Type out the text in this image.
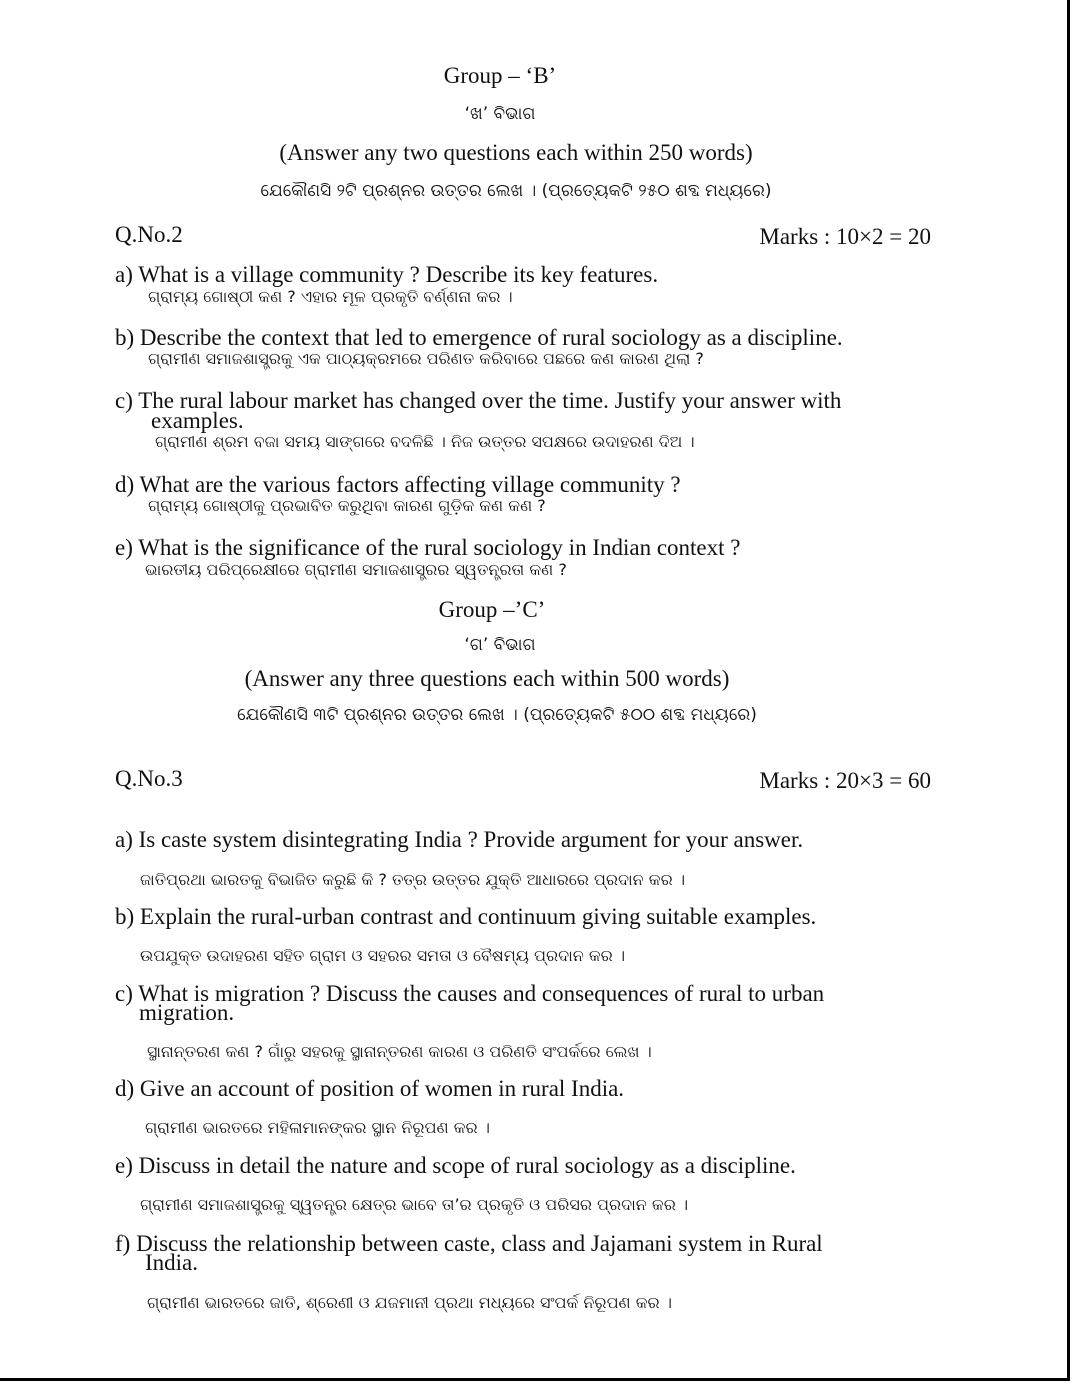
Group – ‘B’
‘ଖ’ ବିଭାଗ
(Answer any two questions each within 250 words)
ଯେକୌଣସି ୨ଟି ପ୍ରଶ୍ନର ଉତ୍ତର ଲେଖ । (ପ୍ରତ୍ୟେକଟି ୨୫୦ ଶବ୍ଦ ମଧ୍ୟରେ)
Q.No.2	Marks : 10×2 = 20
a) What is a village community ? Describe its key features.
ଗ୍ରାମ୍ୟ ଗୋଷ୍ଠୀ କଣ ? ଏହାର ମୂଳ ପ୍ରକୃତି ବର୍ଣ୍ଣନା କର ।
b) Describe the context that led to emergence of rural sociology as a discipline.
ଗ୍ରାମୀଣ ସମାଜଶାସ୍ତ୍ରକୁ ଏକ ପାଠ୍ୟକ୍ରମରେ ପରିଣତ କରିବାରେ ପଛରେ କଣ କାରଣ ଥିଲା ?
c) The rural labour market has changed over the time. Justify your answer with
examples.
ଗ୍ରାମୀଣ ଶ୍ରମ ବଜା ସମୟ ସାଙ୍ଗରେ ବଦଳିଛି । ନିଜ ଉତ୍ତର ସପକ୍ଷରେ ଉଦାହରଣ ଦିଅ ।
d) What are the various factors affecting village community ?
ଗ୍ରାମ୍ୟ ଗୋଷ୍ଠୀକୁ ପ୍ରଭାବିତ କରୁଥିବା କାରଣ ଗୁଡ଼ିକ କଣ କଣ ?
e) What is the significance of the rural sociology in Indian context ?
ଭାରତୀୟ ପରିପ୍ରେକ୍ଷୀରେ ଗ୍ରାମୀଣ ସମାଜଶାସ୍ତ୍ରର ସ୍ୱତନ୍ତ୍ରତା କଣ ?
Group –’C’
‘ଗ’ ବିଭାଗ
(Answer any three questions each within 500 words)
ଯେକୌଣସି ୩ଟି ପ୍ରଶ୍ନର ଉତ୍ତର ଲେଖ । (ପ୍ରତ୍ୟେକଟି ୫୦୦ ଶବ୍ଦ ମଧ୍ୟରେ)
Q.No.3	Marks : 20×3 = 60
a) Is caste system disintegrating India ? Provide argument for your answer.
ଜାତିପ୍ରଥା ଭାରତକୁ ବିଭାଜିତ କରୁଛି କି ? ତତ୍ର ଉତ୍ତର ଯୁକ୍ତି ଆଧାରରେ ପ୍ରଦାନ କର ।
b) Explain the rural-urban contrast and continuum giving suitable examples.
ଉପଯୁକ୍ତ ଉଦାହରଣ ସହିତ ଗ୍ରାମ ଓ ସହରର ସମତା ଓ ବୈଷମ୍ୟ ପ୍ରଦାନ କର ।
c) What is migration ? Discuss the causes and consequences of rural to urban
migration.
ସ୍ଥାନାନ୍ତରଣ କଣ ? ଗାଁରୁ ସହରକୁ ସ୍ଥାନାନ୍ତରଣ କାରଣ ଓ ପରିଣତି ସଂପର୍କରେ ଲେଖ ।
d) Give an account of position of women in rural India.
ଗ୍ରାମୀଣ ଭାରତରେ ମହିଳାମାନଙ୍କର ସ୍ଥାନ ନିରୂପଣ କର ।
e) Discuss in detail the nature and scope of rural sociology as a discipline.
ଗ୍ରାମୀଣ ସମାଜଶାସ୍ତ୍ରକୁ ସ୍ୱତନ୍ତ୍ର କ୍ଷେତ୍ର ଭାବେ ତା’ର ପ୍ରକୃତି ଓ ପରିସର ପ୍ରଦାନ କର ।
f) Discuss the relationship between caste, class and Jajamani system in Rural
India.
ଗ୍ରାମୀଣ ଭାରତରେ ଜାତି, ଶ୍ରେଣୀ ଓ ଯଜମାନୀ ପ୍ରଥା ମଧ୍ୟରେ ସଂପର୍କ ନିରୂପଣ କର ।
